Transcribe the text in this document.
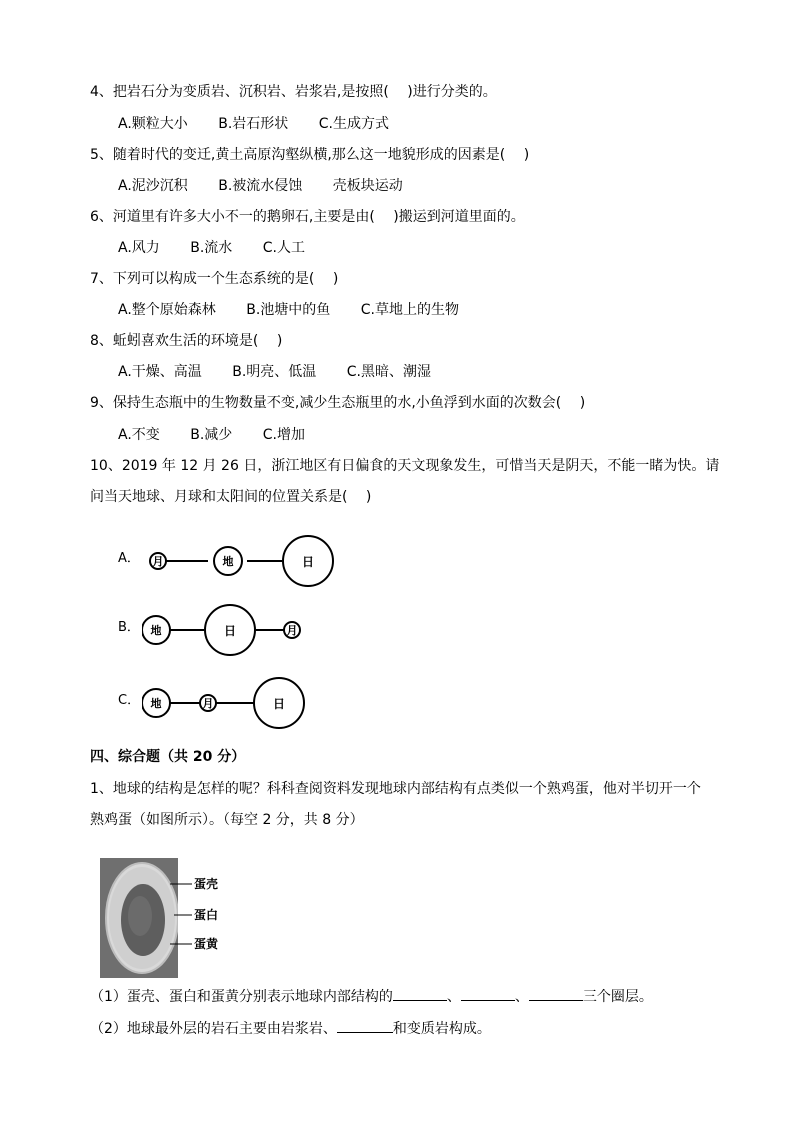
4、把岩石分为变质岩、沉积岩、岩浆岩,是按照(　 )进行分类的。
A.颗粒大小 B.岩石形状 C.生成方式
5、随着时代的变迁,黄土高原沟壑纵横,那么这一地貌形成的因素是(　 )
A.泥沙沉积 B.被流水侵蚀 壳板块运动
6、河道里有许多大小不一的鹅卵石,主要是由(　 )搬运到河道里面的。
A.风力 B.流水 C.人工
7、下列可以构成一个生态系统的是(　 )
A.整个原始森林 B.池塘中的鱼 C.草地上的生物
8、蚯蚓喜欢生活的环境是(　 )
A.干燥、高温 B.明亮、低温 C.黑暗、潮湿
9、保持生态瓶中的生物数量不变,减少生态瓶里的水,小鱼浮到水面的次数会(　 )
A.不变 B.减少 C.增加
10、2019 年 12 月 26 日，浙江地区有日偏食的天文现象发生，可惜当天是阴天，不能一睹为快。请
问当天地球、月球和太阳间的位置关系是(　 )
A． 月	地	日
B． 地	日	月
C． 地	月	日
四、综合题（共 20 分）
1、地球的结构是怎样的呢？科科查阅资料发现地球内部结构有点类似一个熟鸡蛋，他对半切开一个
熟鸡蛋（如图所示）。（每空 2 分，共 8 分）
蛋壳
蛋白
蛋黄
（1）蛋壳、蛋白和蛋黄分别表示地球内部结构的	、	、	三个圈层。
（2）地球最外层的岩石主要由岩浆岩、	和变质岩构成。
